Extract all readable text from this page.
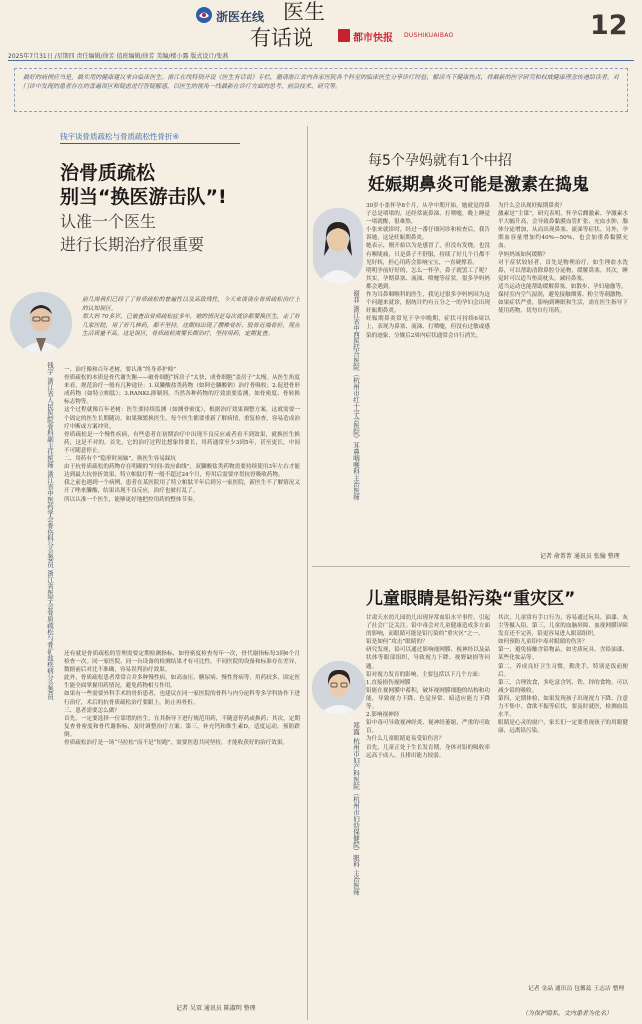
浙医在线 医生
有话说	都市快报 DUSHIKUAIBAO	12
2025年7月31日 /星期四 责任编辑/徐芳 值班编辑/徐芳 美编/楼小露 版式设计/张燕
最好的病例应当是，最实用的健康建议来自临床医生。浙江在线特别开设《医生有话说》专栏，邀请浙江省内各家医院各个科室的临床医生分享诊疗经验，解读当下健康热点，将最新的医学研究和权威健康理念传递给读者，对门诊中发现的患者存在的普遍误区和疑虑进行答疑解惑，以医生的视角一线最新在诊疗方面的思考、前沿技术、研究等。
钱宇谈骨质疏松与骨质疏松性骨折④
治骨质疏松
别当“换医游击队”!
认准一个医生
进行长期治疗很重要
钱宇 浙江省人民医院骨科副主任医师 浙江省中医药学会骨伤科分会委员 浙江省医学会骨质疏松与骨矿盐疾病分会委员
前几周我们已经了了骨质疏松的普遍性以及高致残性，今天来谈谈在骨质疏松治疗上的认知误区。
郑大妈 70多岁，已被查出骨质疏松症多年，她的情况是每次就诊都要换医生，走了好几家医院，用了好几种药，都不坚持，这期间出现了腰椎骨折、股骨近端骨折，现在生活质量不高。这是误区，骨质疏松需要长期治疗，坚持用药，定期复查。
一、治疗像和百年老树，要认准“终身养护师”
骨质疏松的本质是骨代谢失衡——破骨细胞“拆房子”太快，成骨细胞“盖房子”太慢。从医生角度来看，规范治疗一般有几种途径：1.双膦酸盐类药物（如阿仑膦酸钠）治疗骨吸收；2.促进骨形成药物（如特立帕肽）；3.RANKL抑制剂。当然各种药物的疗效需要监测，如骨密度、骨转换标志物等。
这个过程就像百年老树：医生要持续监测（如测骨密度），根据治疗效果调整方案，这就需要一个固定的医生长期随访。如果频繁换医生，每个医生都要重新了解病情，重复检查，容易造成治疗中断或方案冲突。
骨质疏松是一个慢性疾病，有些患者在初期治疗中出现不良反应或者看不到效果，就换医生换药，这是不对的。首先，它的治疗过程比想象得要长，用药通常至少3到5年，甚至更长，中间不可随意停止。
二、用药有个“隐形时间轴”，换医生容易踩坑
由于抗骨质疏松的药物存在明确的“时间-效应曲线”，双膦酸盐类药物需要持续使用3年左右才能达到最大抗骨折效果，特立帕肽疗程一般不超过24个月，停用后需要序贯抗骨吸收药物。
我之前也遇到一个病例，患者在某医院用了特立帕肽半年后到另一家医院，新医生不了解情况又开了唑来膦酸，结果出现不良反应，治疗也被打乱了。
所以认准一个医生，能够更好地把控用药的整体节奏。
还有就是骨质疏松的管理需要定期检测指标，如骨密度检查每年一次，骨代谢指标每3到6个月检查一次。同一家医院、同一台设备的检测结果才有可比性，不同医院的设备和标准存在差异，数据前后对比不准确，容易误判治疗效果。
此外，骨质疏松患者常常合并多种慢性病，如高血压、糖尿病、慢性肾病等，用药较多，固定医生能全面掌握用药情况，避免药物相互作用。
如果有一些需要外科手术的骨折患者，也建议在同一家医院的骨科与内分泌科等多学科协作下进行治疗，术后的抗骨质疏松治疗要跟上，防止再骨折。
三、患者需要怎么做？
首先，一定要选择一位靠谱的医生，在其指导下进行规范用药，不随意停药或换药；其次，定期复查骨密度和骨代谢指标，及时调整治疗方案；第三，补充钙和维生素D，适度运动，预防跌倒。
骨质疏松治疗是一场“马拉松”而不是“短跑”，需要医患共同坚持，才能收获好的治疗效果。
记者 吴双 通讯员 陈淑明 整理
每5个孕妈就有1个中招
妊娠期鼻炎可能是激素在捣鬼
谢菲 浙江省中西医结合医院（杭州市红十字会医院）耳鼻咽喉科主治医师
30岁小张怀孕8个月，从孕中期开始，她就觉得鼻子总是堵堵的，还经常流鼻涕、打喷嚏，晚上睡觉一堵就醒，很难熬。
小张来就诊时，经过一番仔细问诊和检查后，我告诉她，这是妊娠期鼻炎。
她表示，刚开始以为是感冒了，但没有发烧，也没有喉咙痛，只是鼻子不舒服，持续了好几个月都不见好转，担心用药会影响宝宝，一直硬撑着。
明明孕前好好的，怎么一怀孕，鼻子就罢工了呢？其实，孕期鼻塞、流涕、喷嚏等症状，很多孕妈妈都会遇到。
作为耳鼻咽喉科的医生，我见过很多孕妈妈因为这个问题来就诊，据统计约有五分之一的孕妇会出现妊娠期鼻炎。
妊娠期鼻炎常见于孕中晚期，症状可持续6周以上，表现为鼻塞、流涕、打喷嚏，但没有过敏或感染的迹象，分娩后2周内症状通常会自行消失。
为什么会出现妊娠期鼻炎？
激素是“主谋”，研究表明，怀孕后雌激素、孕激素水平大幅升高，会导致鼻黏膜血管扩张、充血水肿，腺体分泌增加，从而出现鼻塞、流涕等症状。另外，孕期血容量增加约40%—50%，也会加重鼻黏膜充血。
孕妈妈该如何缓解？
对于症状较轻者，首先是物理治疗，如生理盐水洗鼻，可以帮助清除鼻腔分泌物，缓解鼻塞。其次，睡觉时可以适当垫高枕头，减轻鼻塞。
适当运动也能帮助缓解鼻塞，如散步、孕妇瑜伽等。
保持室内空气湿润，避免接触烟雾、粉尘等刺激物。
如果症状严重，影响到睡眠和生活，需在医生指导下使用药物，切勿自行用药。
记者 俞菁菁 通讯员 张愉 整理
儿童眼睛是铅污染“重灾区”
郑露 杭州市妇产科医院（杭州市妇幼保健院）眼科 主治医师
甘肃天水幼儿园幼儿出现异常血铅水平事件，引起了社会广泛关注。铅中毒会对儿童健康造成多方面的影响，而眼睛可能是铅污染的“重灾区”之一。
铅是如何“攻击”眼睛的？
研究发现，铅可以通过影响视网膜、视神经以及晶状体等眼部组织，导致视力下降、视野缺损等问题。
铅对视力发育的影响，主要包括以下几个方面：
1.直接损伤视网膜
铅能在视网膜中蓄积，破坏视网膜细胞的结构和功能，导致视力下降、色觉异常、暗适应能力下降等。
2.影响视神经
铅中毒可导致视神经炎、视神经萎缩，严重的可致盲。
为什么儿童眼睛更易受铅伤害？
首先，儿童正处于生长发育期，身体对铅的吸收率远高于成人，且排出能力较弱。
其次，儿童常有手口行为，容易通过玩具、油漆、灰尘等摄入铅。第三，儿童的血脑屏障、血视网膜屏障发育还不完善，铅更容易进入眼部组织。
如何预防儿童铅中毒对眼睛的伤害？
第一，避免接触含铅物品，如劣质玩具、含铅油漆、某些化妆品等。
第二，养成良好卫生习惯，勤洗手，特别是饭前便后。
第三，合理饮食，多吃富含钙、铁、锌的食物，可以减少铅的吸收。
第四，定期体检，如果发现孩子出现视力下降、注意力不集中、食欲不振等症状，要及时就医，检测血铅水平。
眼睛是心灵的窗户，家长们一定要重视孩子的用眼健康，远离铅污染。
记者 金晶 通讯员 包馨蕊 王志洁 整理
（为保护隐私，文内患者为化名）
